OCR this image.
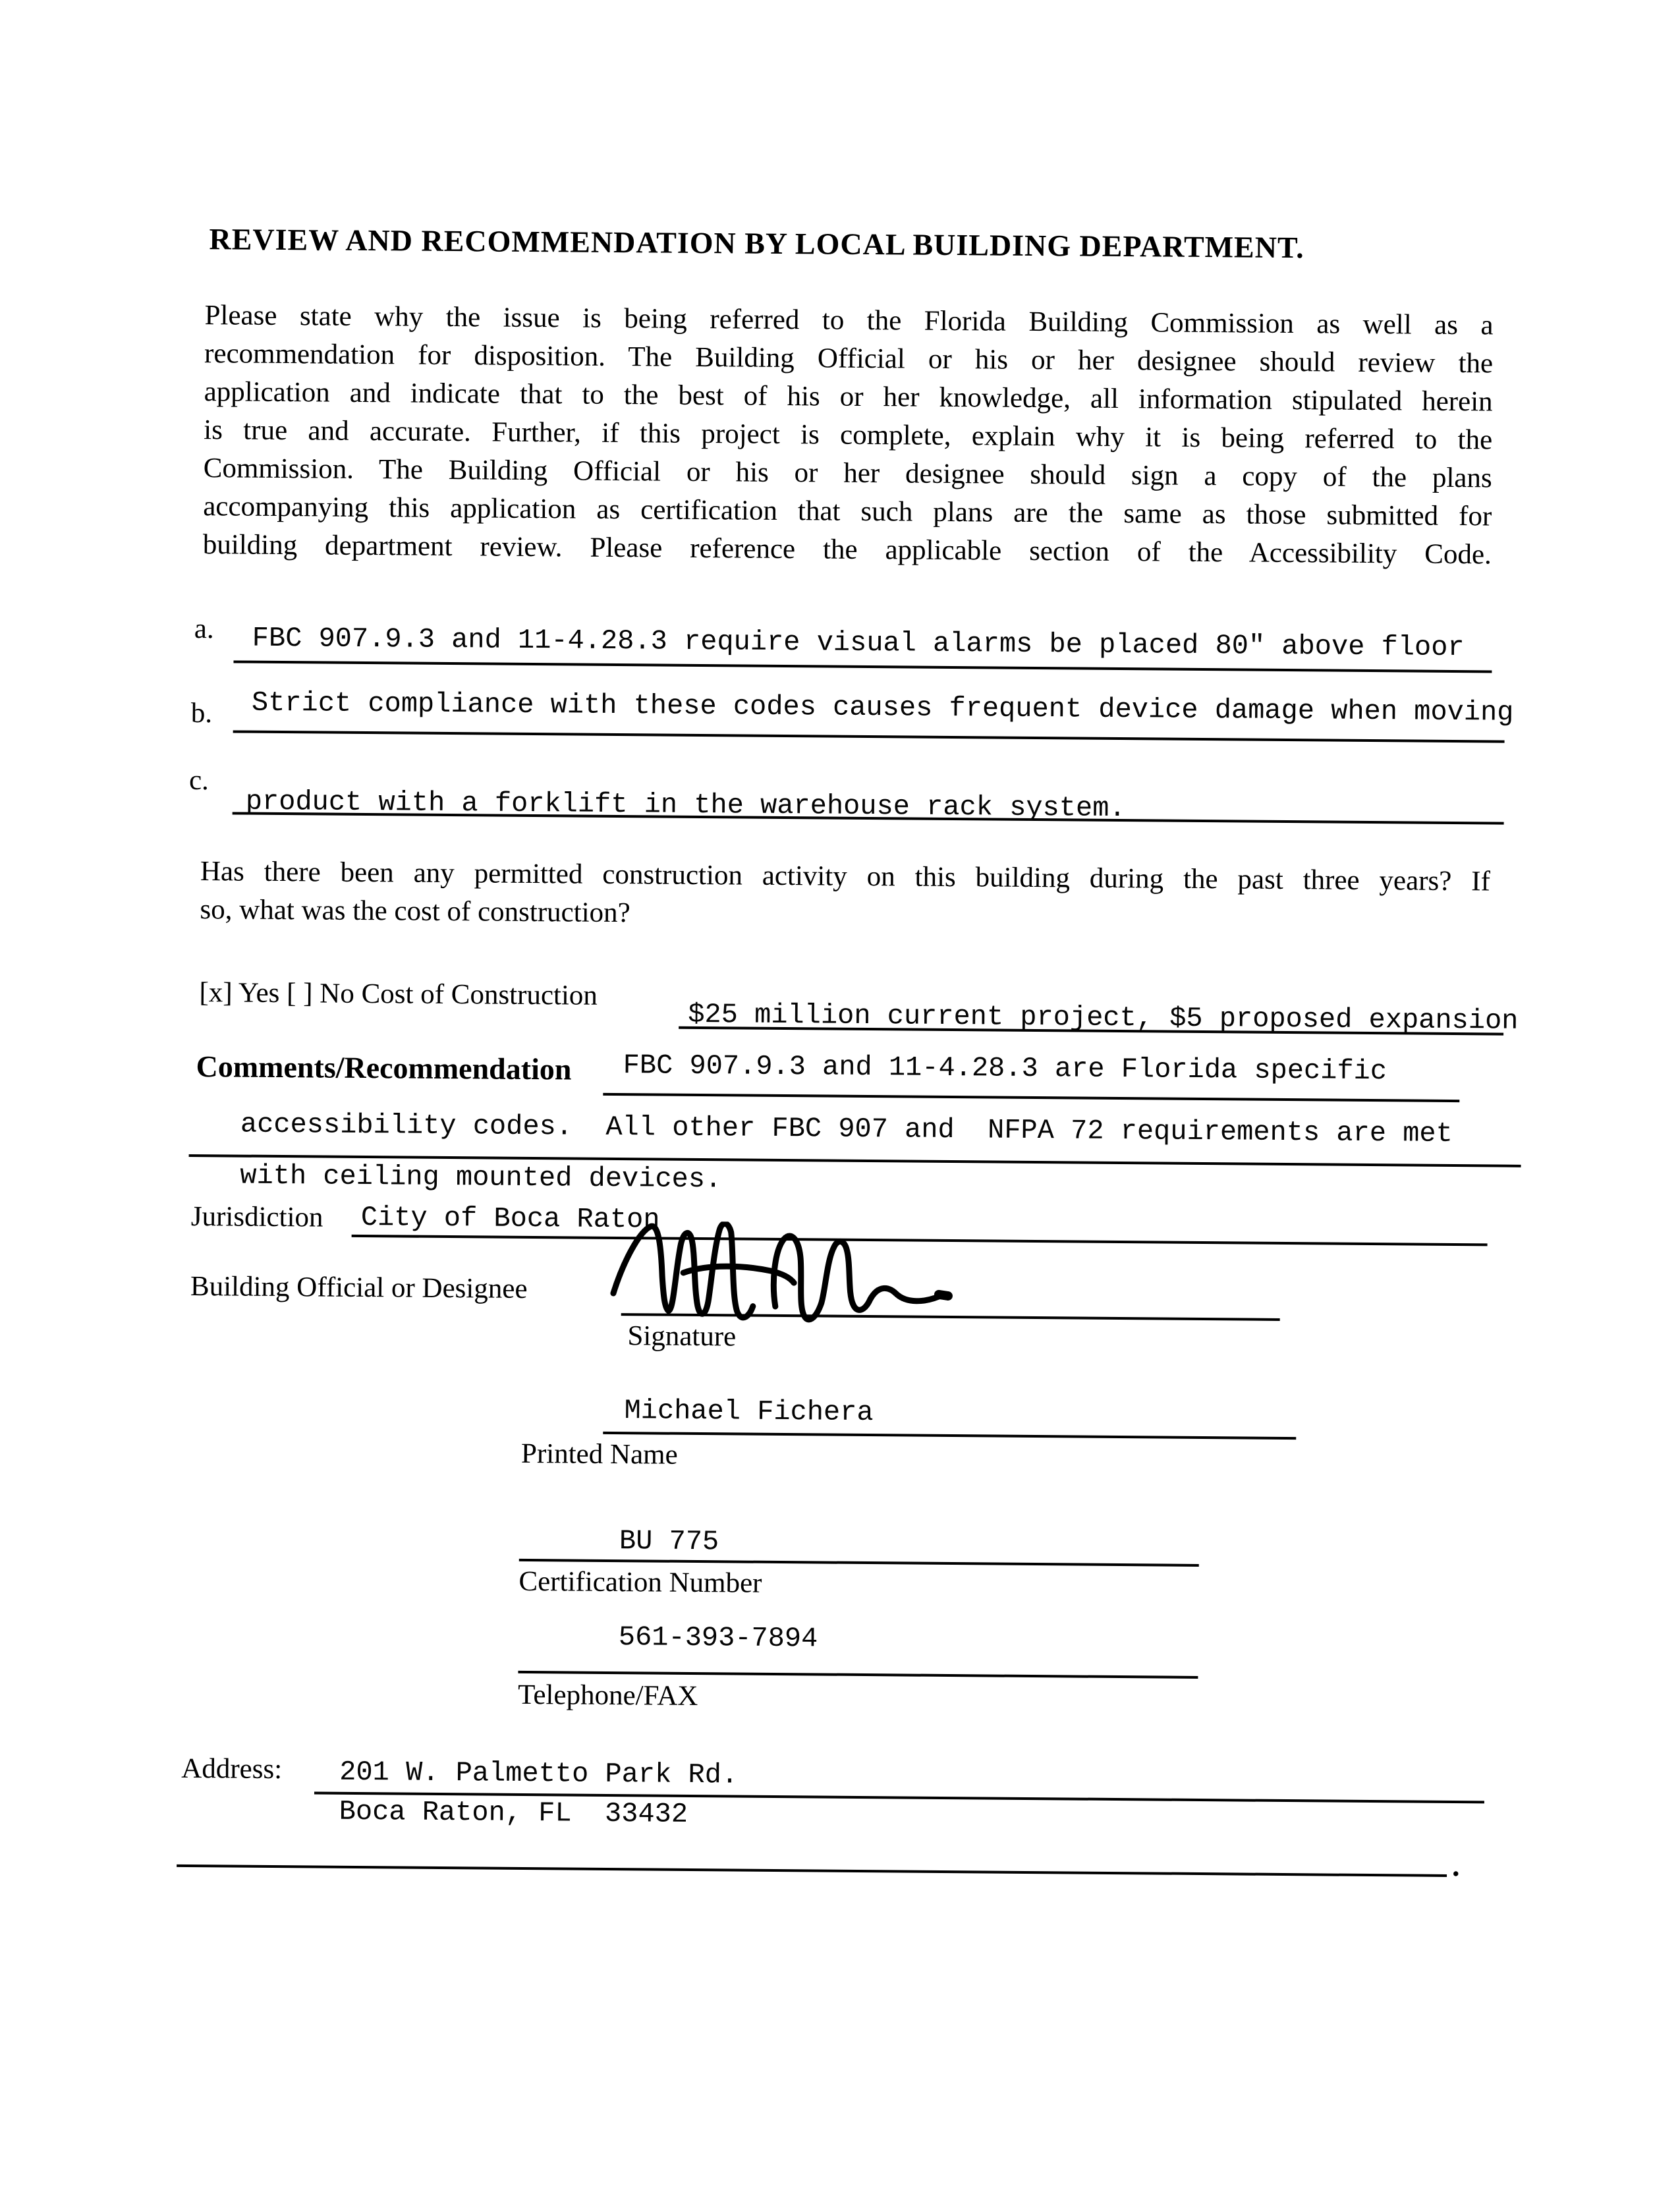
REVIEW AND RECOMMENDATION BY LOCAL BUILDING DEPARTMENT.
Please state why the issue is being referred to the Florida Building Commission as well as a
recommendation for disposition. The Building Official or his or her designee should review the
application and indicate that to the best of his or her knowledge, all information stipulated herein
is true and accurate. Further, if this project is complete, explain why it is being referred to the
Commission. The Building Official or his or her designee should sign a copy of the plans
accompanying this application as certification that such plans are the same as those submitted for
building department review. Please reference the applicable section of the Accessibility Code.
a. FBC 907.9.3 and 11-4.28.3 require visual alarms be placed 80" above floor
b. Strict compliance with these codes causes frequent device damage when moving
c.
product with a forklift in the warehouse rack system.
Has there been any permitted construction activity on this building during the past three years? If
so, what was the cost of construction?
[x] Yes [ ] No Cost of Construction
$25 million current project, $5 proposed expansion
Comments/Recommendation FBC 907.9.3 and 11-4.28.3 are Florida specific
accessibility codes.  All other FBC 907 and  NFPA 72 requirements are met
with ceiling mounted devices.
Jurisdiction City of Boca Raton
Building Official or Designee
Signature
Michael Fichera
Printed Name
BU 775
Certification Number
561-393-7894
Telephone/FAX
Address: 201 W. Palmetto Park Rd.
Boca Raton, FL  33432
.
